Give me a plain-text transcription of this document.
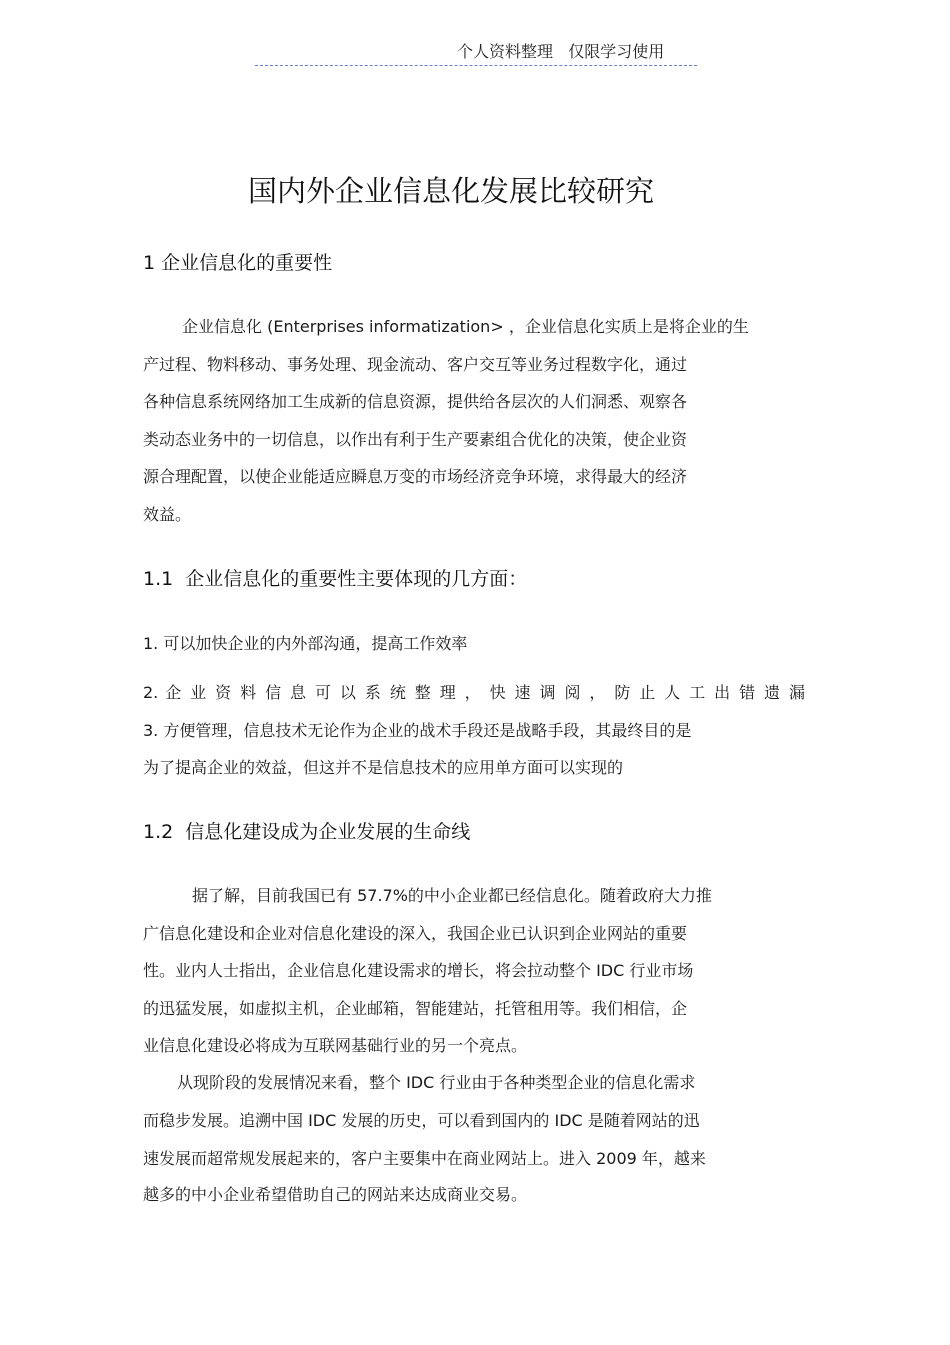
个人资料整理   仅限学习使用
国内外企业信息化发展比较研究
1 企业信息化的重要性
企业信息化 (Enterprises informatization> ，企业信息化实质上是将企业的生
产过程、物料移动、事务处理、现金流动、客户交互等业务过程数字化，通过
各种信息系统网络加工生成新的信息资源，提供给各层次的人们洞悉、观察各
类动态业务中的一切信息，以作出有利于生产要素组合优化的决策，使企业资
源合理配置，以使企业能适应瞬息万变的市场经济竞争环境，求得最大的经济
效益。
1.1  企业信息化的重要性主要体现的几方面：
1. 可以加快企业的内外部沟通，提高工作效率
2. 企 业 资 料 信 息 可 以 系 统 整 理 ， 快 速 调 阅 ， 防 止 人 工 出 错 遗 漏
3. 方便管理，信息技术无论作为企业的战术手段还是战略手段，其最终目的是
为了提高企业的效益，但这并不是信息技术的应用单方面可以实现的
1.2  信息化建设成为企业发展的生命线
据了解，目前我国已有 57.7%的中小企业都已经信息化。随着政府大力推
广信息化建设和企业对信息化建设的深入，我国企业已认识到企业网站的重要
性。业内人士指出，企业信息化建设需求的增长，将会拉动整个 IDC 行业市场
的迅猛发展，如虚拟主机，企业邮箱，智能建站，托管租用等。我们相信，企
业信息化建设必将成为互联网基础行业的另一个亮点。
从现阶段的发展情况来看，整个 IDC 行业由于各种类型企业的信息化需求
而稳步发展。追溯中国 IDC 发展的历史，可以看到国内的 IDC 是随着网站的迅
速发展而超常规发展起来的，客户主要集中在商业网站上。进入 2009 年，越来
越多的中小企业希望借助自己的网站来达成商业交易。
